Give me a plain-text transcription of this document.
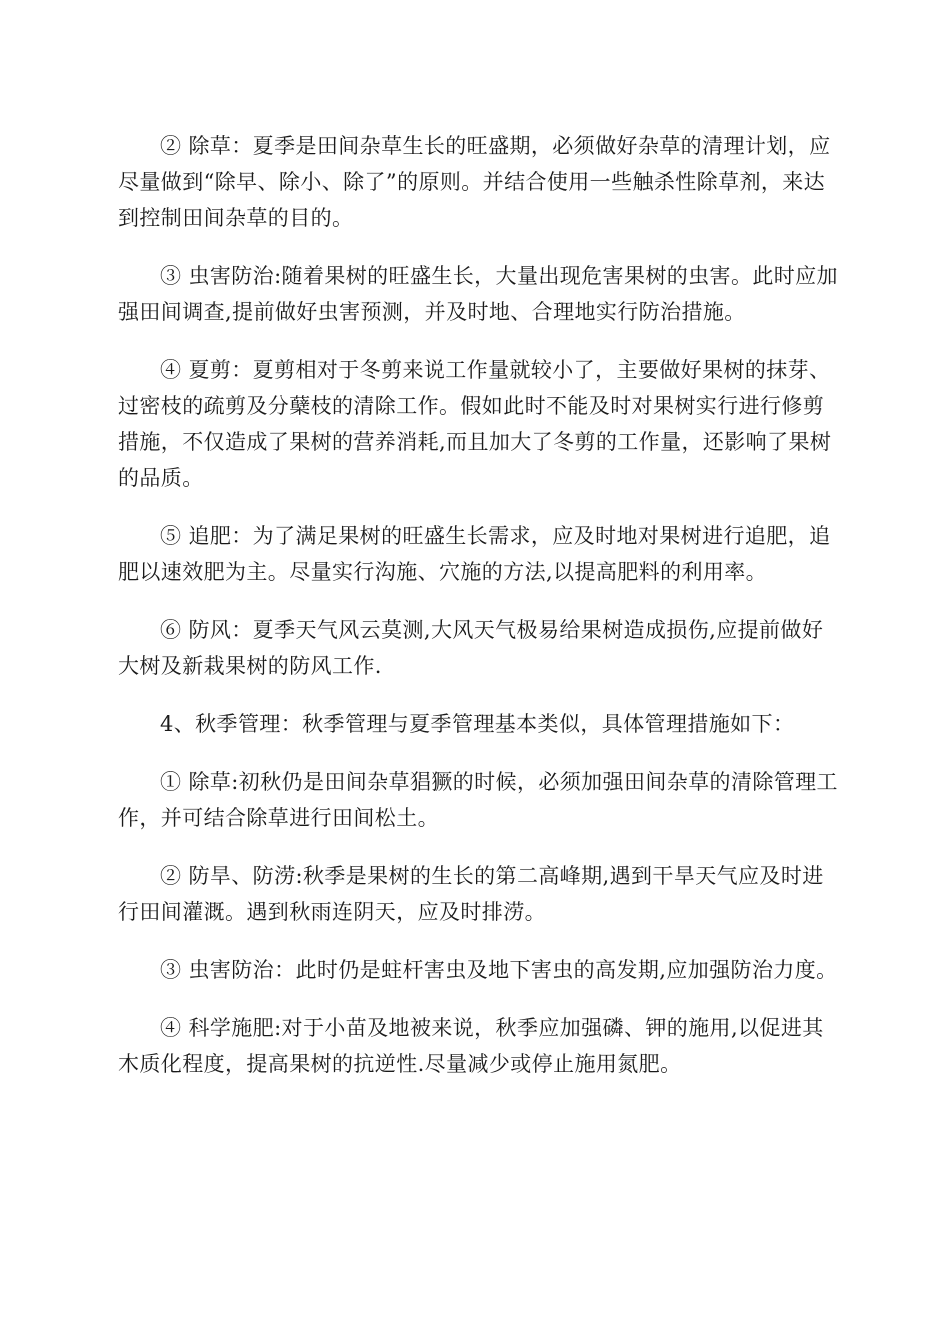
② 除草：夏季是田间杂草生长的旺盛期，必须做好杂草的清理计划，应尽量做到“除早、除小、除了”的原则。并结合使用一些触杀性除草剂，来达到控制田间杂草的目的。

③ 虫害防治:随着果树的旺盛生长，大量出现危害果树的虫害。此时应加强田间调查,提前做好虫害预测，并及时地、合理地实行防治措施。

④ 夏剪：夏剪相对于冬剪来说工作量就较小了，主要做好果树的抹芽、过密枝的疏剪及分蘖枝的清除工作。假如此时不能及时对果树实行进行修剪措施，不仅造成了果树的营养消耗,而且加大了冬剪的工作量，还影响了果树的品质。

⑤ 追肥：为了满足果树的旺盛生长需求，应及时地对果树进行追肥，追肥以速效肥为主。尽量实行沟施、穴施的方法,以提高肥料的利用率。

⑥ 防风：夏季天气风云莫测,大风天气极易给果树造成损伤,应提前做好大树及新栽果树的防风工作.

4、秋季管理：秋季管理与夏季管理基本类似，具体管理措施如下：

① 除草:初秋仍是田间杂草猖獗的时候，必须加强田间杂草的清除管理工作，并可结合除草进行田间松土。

② 防旱、防涝:秋季是果树的生长的第二高峰期,遇到干旱天气应及时进行田间灌溉。遇到秋雨连阴天，应及时排涝。

③ 虫害防治：此时仍是蛀杆害虫及地下害虫的高发期,应加强防治力度。

④ 科学施肥:对于小苗及地被来说，秋季应加强磷、钾的施用,以促进其木质化程度，提高果树的抗逆性.尽量减少或停止施用氮肥。
